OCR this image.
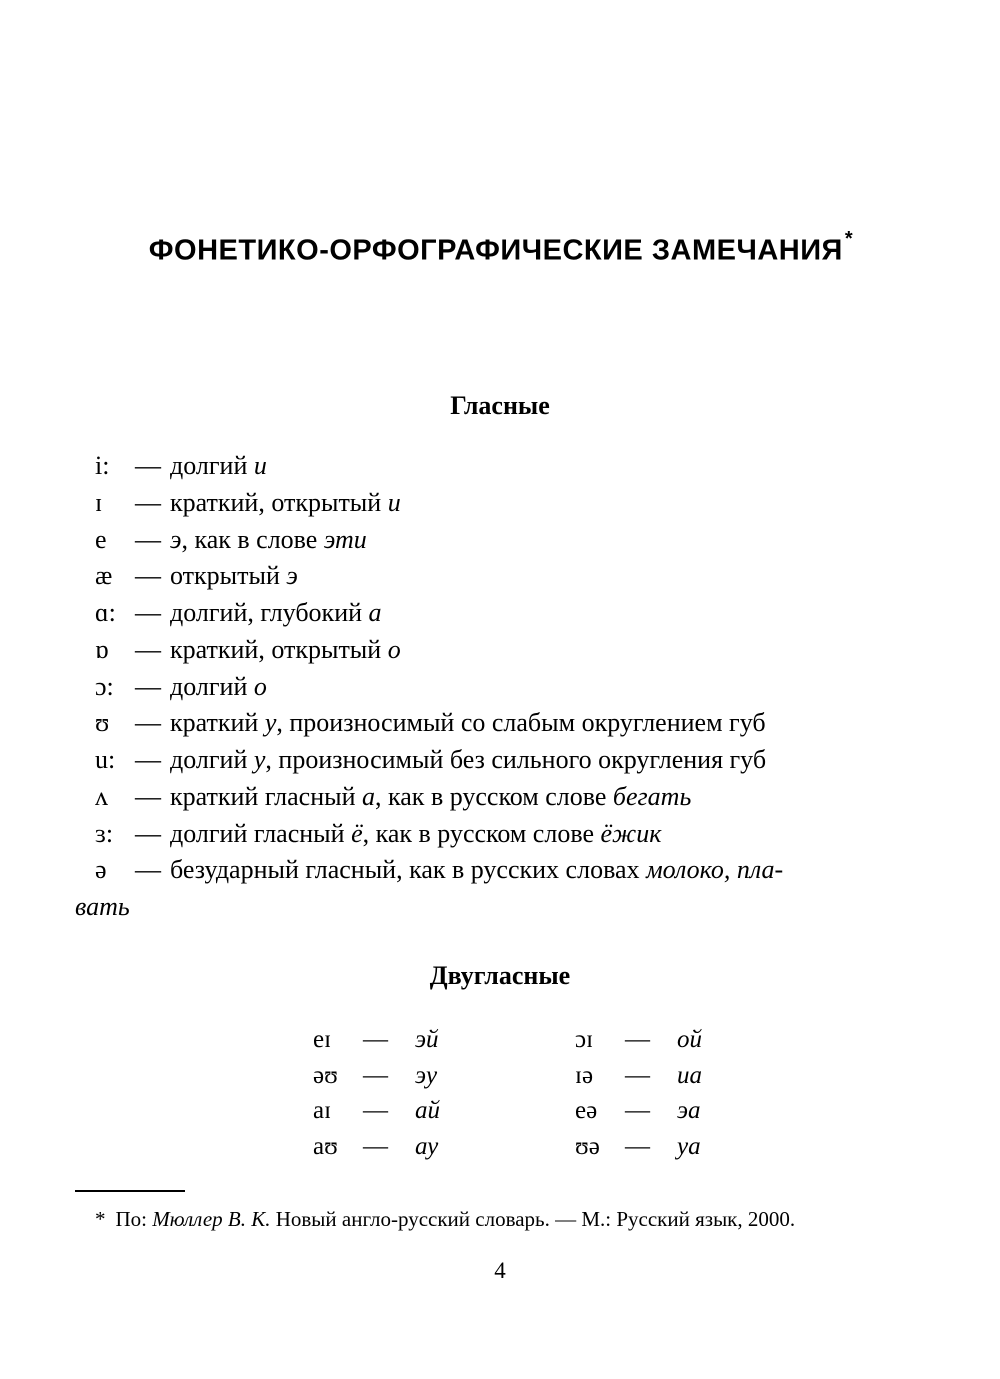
ФОНЕТИКО-ОРФОГРАФИЧЕСКИЕ ЗАМЕЧАНИЯ *
Гласные

i: — долгий и

ɪ — краткий, открытый и

e — э, как в слове эти

æ — открытый э

ɑ: — долгий, глубокий а

ɒ — краткий, открытый о

ɔ: — долгий о

ʊ — краткий у, произносимый со слабым округлением губ

u: — долгий у, произносимый без сильного округления губ

ʌ — краткий гласный а, как в русском слове бегать

ɜ: — долгий гласный ё, как в русском слове ёжик

ə — безударный гласный, как в русских словах молоко, пла-
вать

Двугласные

eɪ — эй

əʊ — эу

aɪ — ай

aʊ — ау

ɔɪ — ой

ɪə — иа

eə — эа

ʊə — уа

* По: Мюллер В. К. Новый англо-русский словарь. — М.: Русский язык, 2000.

4
